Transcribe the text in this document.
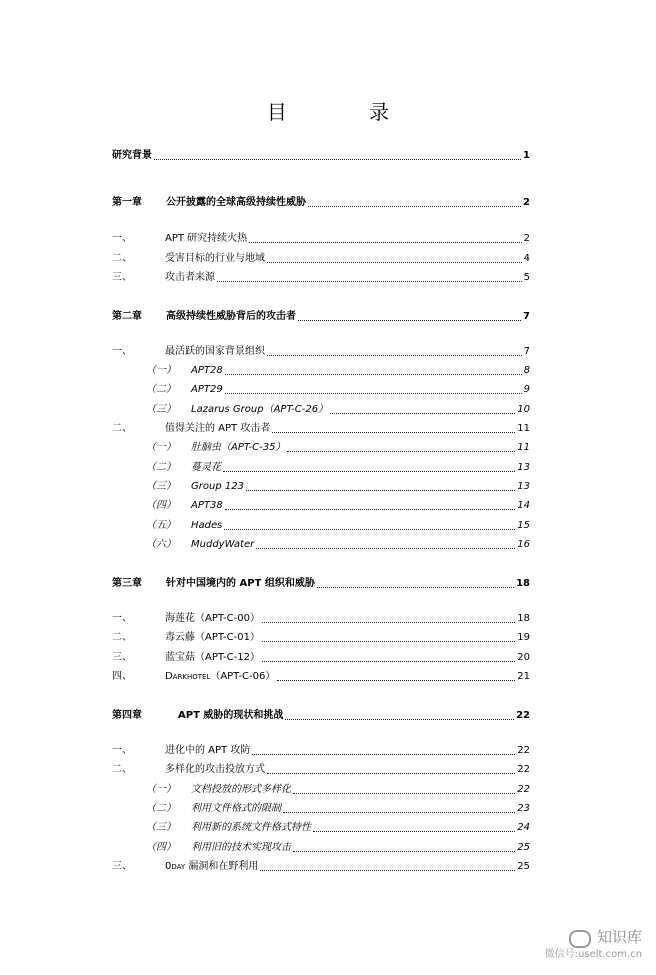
目 录
研究背景	1
第一章	公开披露的全球高级持续性威胁	2
一、	APT 研究持续火热	2
二、	受害目标的行业与地域	4
三、	攻击者来源	5
第二章	高级持续性威胁背后的攻击者	7
一、	最活跃的国家背景组织	7
（一）	APT28	8
（二）	APT29	9
（三）	Lazarus Group（APT-C-26）	10
二、	值得关注的 APT 攻击者	11
（一）	肚脑虫（APT-C-35）	11
（二）	蔓灵花	13
（三）	Group 123	13
（四）	APT38	14
（五）	Hades	15
（六）	MuddyWater	16
第三章	针对中国境内的 APT 组织和威胁	18
一、	海莲花（APT-C-00）	18
二、	毒云藤（APT-C-01）	19
三、	蓝宝菇（APT-C-12）	20
四、	Darkhotel（APT-C-06）	21
第四章	APT 威胁的现状和挑战	22
一、	进化中的 APT 攻防	22
二、	多样化的攻击投放方式	22
（一）	文档投放的形式多样化	22
（二）	利用文件格式的限制	23
（三）	利用新的系统文件格式特性	24
（四）	利用旧的技术实现攻击	25
三、	0day 漏洞和在野利用	25
知识库
微信号:uselt.com.cn
